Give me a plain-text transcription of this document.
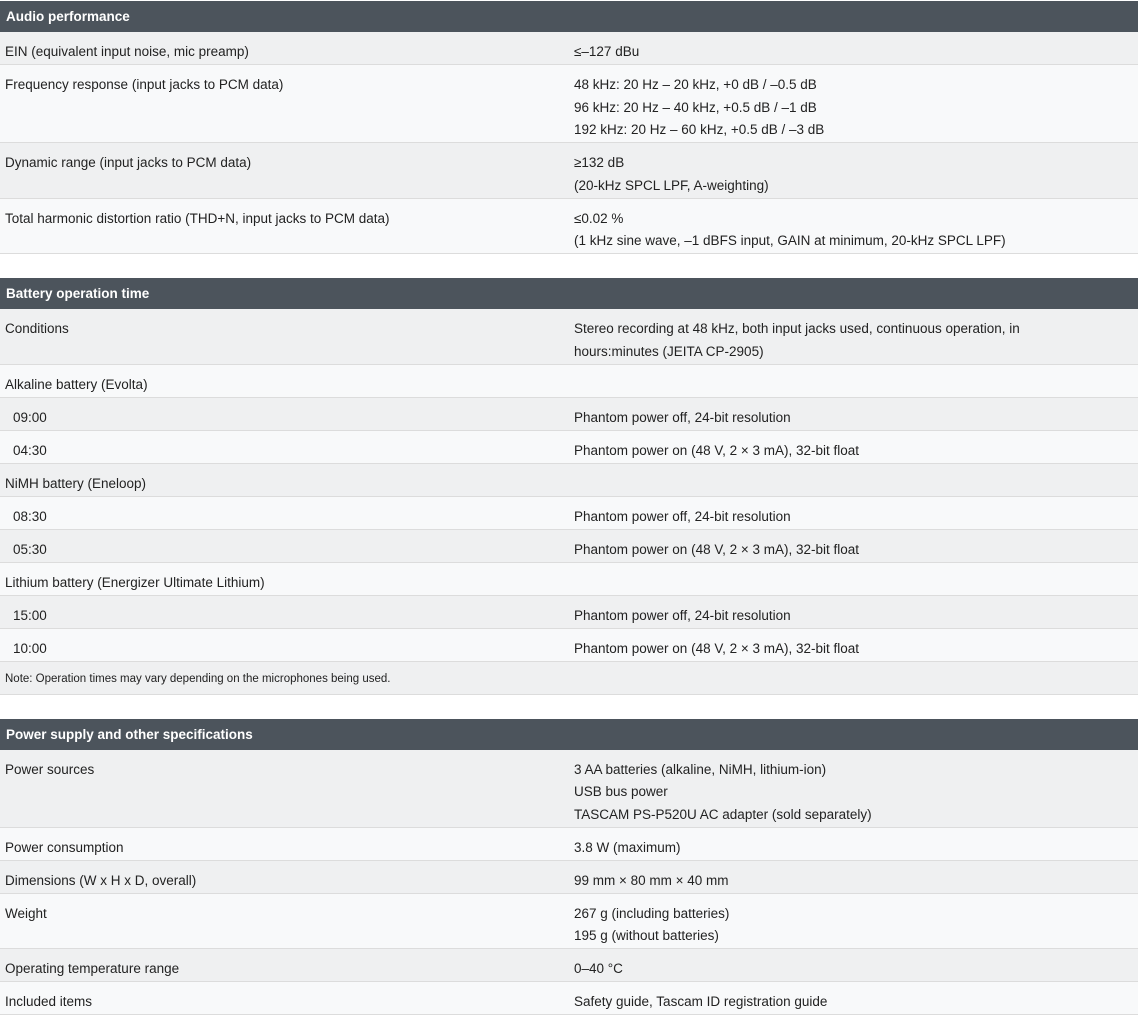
Audio performance
EIN (equivalent input noise, mic preamp)	≤–127 dBu
Frequency response (input jacks to PCM data)	48 kHz: 20 Hz – 20 kHz, +0 dB / –0.5 dB
96 kHz: 20 Hz – 40 kHz, +0.5 dB / –1 dB
192 kHz: 20 Hz – 60 kHz, +0.5 dB / –3 dB
Dynamic range (input jacks to PCM data)	≥132 dB
(20-kHz SPCL LPF, A-weighting)
Total harmonic distortion ratio (THD+N, input jacks to PCM data)	≤0.02 %
(1 kHz sine wave, –1 dBFS input, GAIN at minimum, 20-kHz SPCL LPF)
Battery operation time
Conditions	Stereo recording at 48 kHz, both input jacks used, continuous operation, in
hours:minutes (JEITA CP-2905)
Alkaline battery (Evolta)
09:00	Phantom power off, 24-bit resolution
04:30	Phantom power on (48 V, 2 × 3 mA), 32-bit float
NiMH battery (Eneloop)
08:30	Phantom power off, 24-bit resolution
05:30	Phantom power on (48 V, 2 × 3 mA), 32-bit float
Lithium battery (Energizer Ultimate Lithium)
15:00	Phantom power off, 24-bit resolution
10:00	Phantom power on (48 V, 2 × 3 mA), 32-bit float
Note: Operation times may vary depending on the microphones being used.
Power supply and other specifications
Power sources	3 AA batteries (alkaline, NiMH, lithium-ion)
USB bus power
TASCAM PS-P520U AC adapter (sold separately)
Power consumption	3.8 W (maximum)
Dimensions (W x H x D, overall)	99 mm × 80 mm × 40 mm
Weight	267 g (including batteries)
195 g (without batteries)
Operating temperature range	0–40 °C
Included items	Safety guide, Tascam ID registration guide
